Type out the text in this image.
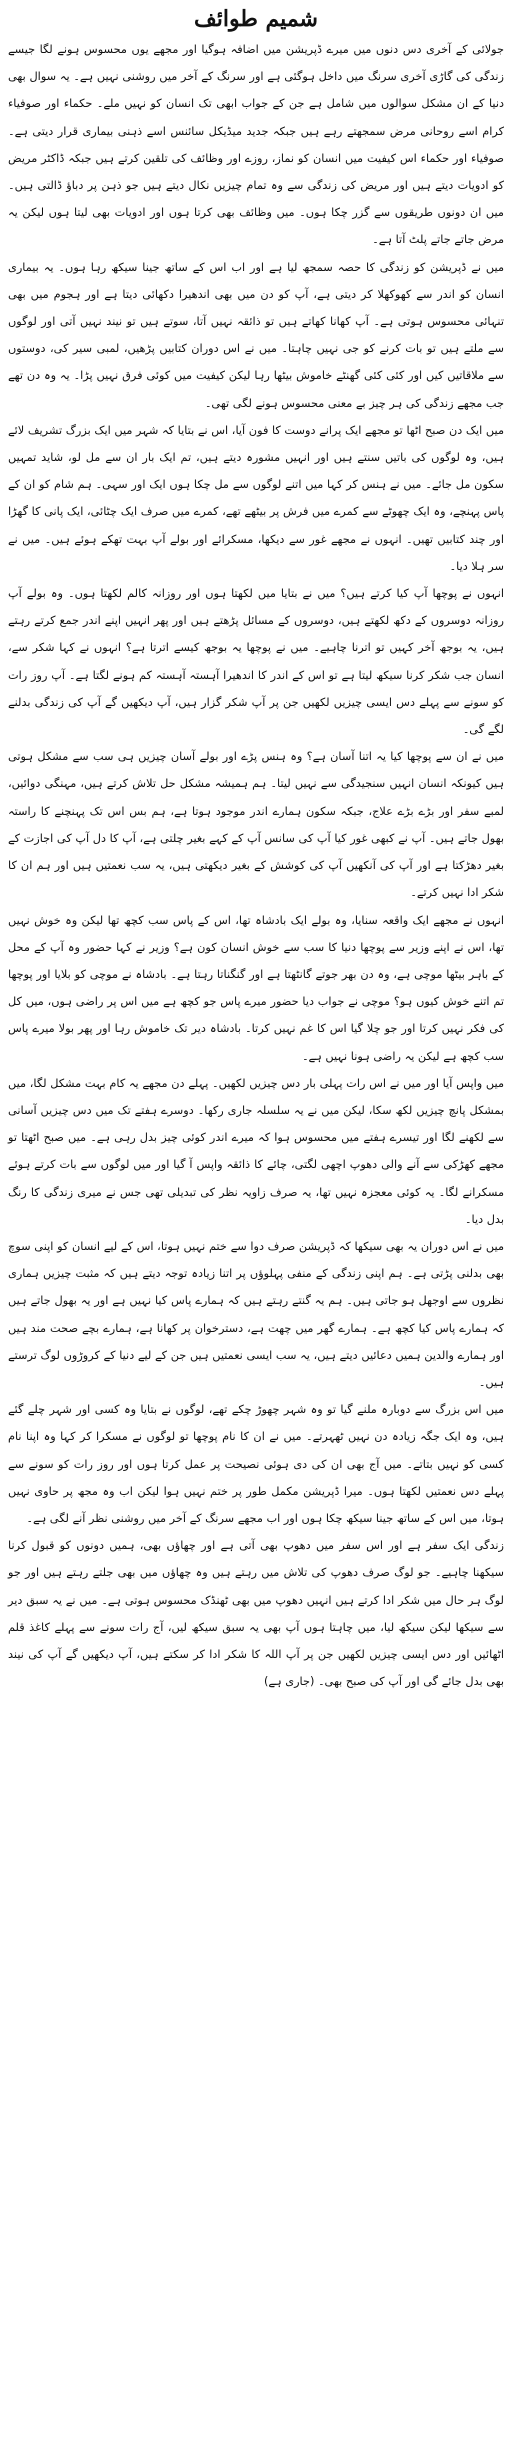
شمیم طوائف

جولائی کے آخری دس دنوں میں میرے ڈپریشن میں اضافہ ہوگیا اور مجھے یوں محسوس ہونے لگا جیسے زندگی کی گاڑی آخری سرنگ میں داخل ہوگئی ہے اور سرنگ کے آخر میں روشنی نہیں ہے۔ یہ سوال بھی دنیا کے ان مشکل سوالوں میں شامل ہے جن کے جواب ابھی تک انسان کو نہیں ملے۔ حکماء اور صوفیاء کرام اسے روحانی مرض سمجھتے رہے ہیں جبکہ جدید میڈیکل سائنس اسے ذہنی بیماری قرار دیتی ہے۔ صوفیاء اور حکماء اس کیفیت میں انسان کو نماز، روزے اور وظائف کی تلقین کرتے ہیں جبکہ ڈاکٹر مریض کو ادویات دیتے ہیں اور مریض کی زندگی سے وہ تمام چیزیں نکال دیتے ہیں جو ذہن پر دباؤ ڈالتی ہیں۔ میں ان دونوں طریقوں سے گزر چکا ہوں۔ میں وظائف بھی کرتا ہوں اور ادویات بھی لیتا ہوں لیکن یہ مرض جاتے جاتے پلٹ آتا ہے۔

میں نے ڈپریشن کو زندگی کا حصہ سمجھ لیا ہے اور اب اس کے ساتھ جینا سیکھ رہا ہوں۔ یہ بیماری انسان کو اندر سے کھوکھلا کر دیتی ہے، آپ کو دن میں بھی اندھیرا دکھائی دیتا ہے اور ہجوم میں بھی تنہائی محسوس ہوتی ہے۔ آپ کھانا کھاتے ہیں تو ذائقہ نہیں آتا، سوتے ہیں تو نیند نہیں آتی اور لوگوں سے ملتے ہیں تو بات کرنے کو جی نہیں چاہتا۔ میں نے اس دوران کتابیں پڑھیں، لمبی سیر کی، دوستوں سے ملاقاتیں کیں اور کئی کئی گھنٹے خاموش بیٹھا رہا لیکن کیفیت میں کوئی فرق نہیں پڑا۔ یہ وہ دن تھے جب مجھے زندگی کی ہر چیز بے معنی محسوس ہونے لگی تھی۔

میں ایک دن صبح اٹھا تو مجھے ایک پرانے دوست کا فون آیا، اس نے بتایا کہ شہر میں ایک بزرگ تشریف لائے ہیں، وہ لوگوں کی باتیں سنتے ہیں اور انہیں مشورہ دیتے ہیں، تم ایک بار ان سے مل لو، شاید تمہیں سکون مل جائے۔ میں نے ہنس کر کہا میں اتنے لوگوں سے مل چکا ہوں ایک اور سہی۔ ہم شام کو ان کے پاس پہنچے، وہ ایک چھوٹے سے کمرے میں فرش پر بیٹھے تھے، کمرے میں صرف ایک چٹائی، ایک پانی کا گھڑا اور چند کتابیں تھیں۔ انہوں نے مجھے غور سے دیکھا، مسکرائے اور بولے آپ بہت تھکے ہوئے ہیں۔ میں نے سر ہلا دیا۔

انہوں نے پوچھا آپ کیا کرتے ہیں؟ میں نے بتایا میں لکھتا ہوں اور روزانہ کالم لکھتا ہوں۔ وہ بولے آپ روزانہ دوسروں کے دکھ لکھتے ہیں، دوسروں کے مسائل پڑھتے ہیں اور پھر انہیں اپنے اندر جمع کرتے رہتے ہیں، یہ بوجھ آخر کہیں تو اترنا چاہیے۔ میں نے پوچھا یہ بوجھ کیسے اترتا ہے؟ انہوں نے کہا شکر سے، انسان جب شکر کرنا سیکھ لیتا ہے تو اس کے اندر کا اندھیرا آہستہ آہستہ کم ہونے لگتا ہے۔ آپ روز رات کو سونے سے پہلے دس ایسی چیزیں لکھیں جن پر آپ شکر گزار ہیں، آپ دیکھیں گے آپ کی زندگی بدلنے لگے گی۔

میں نے ان سے پوچھا کیا یہ اتنا آسان ہے؟ وہ ہنس پڑے اور بولے آسان چیزیں ہی سب سے مشکل ہوتی ہیں کیونکہ انسان انہیں سنجیدگی سے نہیں لیتا۔ ہم ہمیشہ مشکل حل تلاش کرتے ہیں، مہنگی دوائیں، لمبے سفر اور بڑے بڑے علاج، جبکہ سکون ہمارے اندر موجود ہوتا ہے، ہم بس اس تک پہنچنے کا راستہ بھول جاتے ہیں۔ آپ نے کبھی غور کیا آپ کی سانس آپ کے کہے بغیر چلتی ہے، آپ کا دل آپ کی اجازت کے بغیر دھڑکتا ہے اور آپ کی آنکھیں آپ کی کوشش کے بغیر دیکھتی ہیں، یہ سب نعمتیں ہیں اور ہم ان کا شکر ادا نہیں کرتے۔

انہوں نے مجھے ایک واقعہ سنایا، وہ بولے ایک بادشاہ تھا، اس کے پاس سب کچھ تھا لیکن وہ خوش نہیں تھا، اس نے اپنے وزیر سے پوچھا دنیا کا سب سے خوش انسان کون ہے؟ وزیر نے کہا حضور وہ آپ کے محل کے باہر بیٹھا موچی ہے، وہ دن بھر جوتے گانٹھتا ہے اور گنگناتا رہتا ہے۔ بادشاہ نے موچی کو بلایا اور پوچھا تم اتنے خوش کیوں ہو؟ موچی نے جواب دیا حضور میرے پاس جو کچھ ہے میں اس پر راضی ہوں، میں کل کی فکر نہیں کرتا اور جو چلا گیا اس کا غم نہیں کرتا۔ بادشاہ دیر تک خاموش رہا اور پھر بولا میرے پاس سب کچھ ہے لیکن یہ راضی ہونا نہیں ہے۔

میں واپس آیا اور میں نے اس رات پہلی بار دس چیزیں لکھیں۔ پہلے دن مجھے یہ کام بہت مشکل لگا، میں بمشکل پانچ چیزیں لکھ سکا، لیکن میں نے یہ سلسلہ جاری رکھا۔ دوسرے ہفتے تک میں دس چیزیں آسانی سے لکھنے لگا اور تیسرے ہفتے میں محسوس ہوا کہ میرے اندر کوئی چیز بدل رہی ہے۔ میں صبح اٹھتا تو مجھے کھڑکی سے آنے والی دھوپ اچھی لگتی، چائے کا ذائقہ واپس آ گیا اور میں لوگوں سے بات کرتے ہوئے مسکرانے لگا۔ یہ کوئی معجزہ نہیں تھا، یہ صرف زاویہ نظر کی تبدیلی تھی جس نے میری زندگی کا رنگ بدل دیا۔

میں نے اس دوران یہ بھی سیکھا کہ ڈپریشن صرف دوا سے ختم نہیں ہوتا، اس کے لیے انسان کو اپنی سوچ بھی بدلنی پڑتی ہے۔ ہم اپنی زندگی کے منفی پہلوؤں پر اتنا زیادہ توجہ دیتے ہیں کہ مثبت چیزیں ہماری نظروں سے اوجھل ہو جاتی ہیں۔ ہم یہ گنتے رہتے ہیں کہ ہمارے پاس کیا نہیں ہے اور یہ بھول جاتے ہیں کہ ہمارے پاس کیا کچھ ہے۔ ہمارے گھر میں چھت ہے، دسترخوان پر کھانا ہے، ہمارے بچے صحت مند ہیں اور ہمارے والدین ہمیں دعائیں دیتے ہیں، یہ سب ایسی نعمتیں ہیں جن کے لیے دنیا کے کروڑوں لوگ ترستے ہیں۔

میں اس بزرگ سے دوبارہ ملنے گیا تو وہ شہر چھوڑ چکے تھے، لوگوں نے بتایا وہ کسی اور شہر چلے گئے ہیں، وہ ایک جگہ زیادہ دن نہیں ٹھہرتے۔ میں نے ان کا نام پوچھا تو لوگوں نے مسکرا کر کہا وہ اپنا نام کسی کو نہیں بتاتے۔ میں آج بھی ان کی دی ہوئی نصیحت پر عمل کرتا ہوں اور روز رات کو سونے سے پہلے دس نعمتیں لکھتا ہوں۔ میرا ڈپریشن مکمل طور پر ختم نہیں ہوا لیکن اب وہ مجھ پر حاوی نہیں ہوتا، میں اس کے ساتھ جینا سیکھ چکا ہوں اور اب مجھے سرنگ کے آخر میں روشنی نظر آنے لگی ہے۔

زندگی ایک سفر ہے اور اس سفر میں دھوپ بھی آتی ہے اور چھاؤں بھی، ہمیں دونوں کو قبول کرنا سیکھنا چاہیے۔ جو لوگ صرف دھوپ کی تلاش میں رہتے ہیں وہ چھاؤں میں بھی جلتے رہتے ہیں اور جو لوگ ہر حال میں شکر ادا کرتے ہیں انہیں دھوپ میں بھی ٹھنڈک محسوس ہوتی ہے۔ میں نے یہ سبق دیر سے سیکھا لیکن سیکھ لیا، میں چاہتا ہوں آپ بھی یہ سبق سیکھ لیں، آج رات سونے سے پہلے کاغذ قلم اٹھائیں اور دس ایسی چیزیں لکھیں جن پر آپ اللہ کا شکر ادا کر سکتے ہیں، آپ دیکھیں گے آپ کی نیند بھی بدل جائے گی اور آپ کی صبح بھی۔ (جاری ہے)
